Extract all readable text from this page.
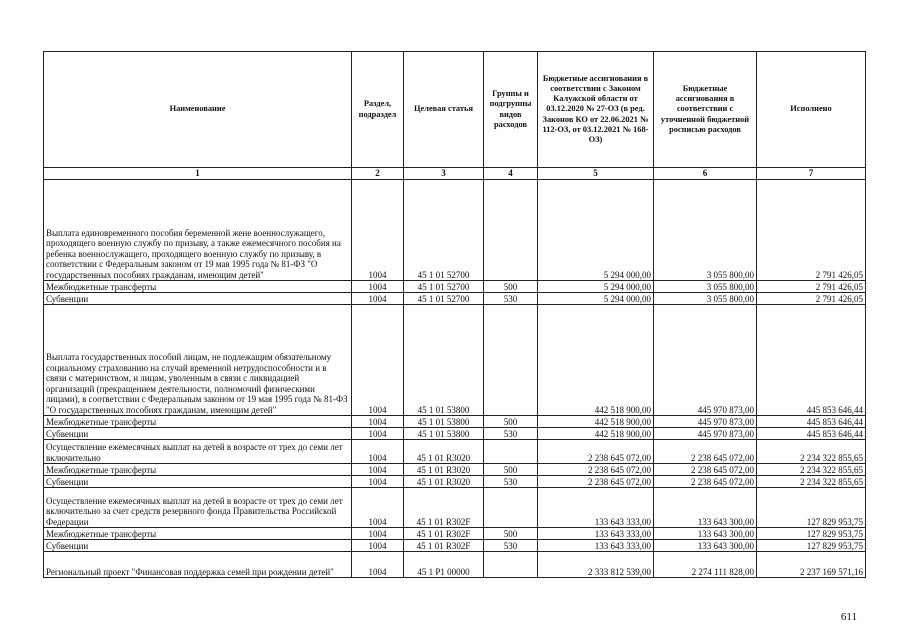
Наименование	Раздел, подраздел	Целевая статья	Группы и подгруппы видов расходов	Бюджетные ассигнования в соответствии с Законом Калужской области от 03.12.2020 № 27-ОЗ (в ред. Законов КО от 22.06.2021 № 112-ОЗ, от 03.12.2021 № 168-ОЗ)	Бюджетные ассигнования в соответствии с уточненной бюджетной росписью расходов	Исполнено
1	2	3	4	5	6	7
Выплата единовременного пособия беременной жене военнослужащего, проходящего военную службу по призыву, а также ежемесячного пособия на ребенка военнослужащего, проходящего военную службу по призыву, в соответствии с Федеральным законом от 19 мая 1995 года № 81-ФЗ "О государственных пособиях гражданам, имеющим детей"	1004	45 1 01 52700		5 294 000,00	3 055 800,00	2 791 426,05
Межбюджетные трансферты	1004	45 1 01 52700	500	5 294 000,00	3 055 800,00	2 791 426,05
Субвенции	1004	45 1 01 52700	530	5 294 000,00	3 055 800,00	2 791 426,05
Выплата государственных пособий лицам, не подлежащим обязательному социальному страхованию на случай временной нетрудоспособности и в связи с материнством, и лицам, уволенным в связи с ликвидацией организаций (прекращением деятельности, полномочий физическими лицами), в соответствии с Федеральным законом от 19 мая 1995 года № 81-ФЗ "О государственных пособиях гражданам, имеющим детей"	1004	45 1 01 53800		442 518 900,00	445 970 873,00	445 853 646,44
Межбюджетные трансферты	1004	45 1 01 53800	500	442 518 900,00	445 970 873,00	445 853 646,44
Субвенции	1004	45 1 01 53800	530	442 518 900,00	445 970 873,00	445 853 646,44
Осуществление ежемесячных выплат на детей в возрасте от трех до семи лет включительно	1004	45 1 01 R3020		2 238 645 072,00	2 238 645 072,00	2 234 322 855,65
Межбюджетные трансферты	1004	45 1 01 R3020	500	2 238 645 072,00	2 238 645 072,00	2 234 322 855,65
Субвенции	1004	45 1 01 R3020	530	2 238 645 072,00	2 238 645 072,00	2 234 322 855,65
Осуществление ежемесячных выплат на детей в возрасте от трех до семи лет включительно за счет средств резервного фонда Правительства Российской Федерации	1004	45 1 01 R302F		133 643 333,00	133 643 300,00	127 829 953,75
Межбюджетные трансферты	1004	45 1 01 R302F	500	133 643 333,00	133 643 300,00	127 829 953,75
Субвенции	1004	45 1 01 R302F	530	133 643 333,00	133 643 300,00	127 829 953,75
Региональный проект "Финансовая поддержка семей при рождении детей"	1004	45 1 P1 00000		2 333 812 539,00	2 274 111 828,00	2 237 169 571,16
611
